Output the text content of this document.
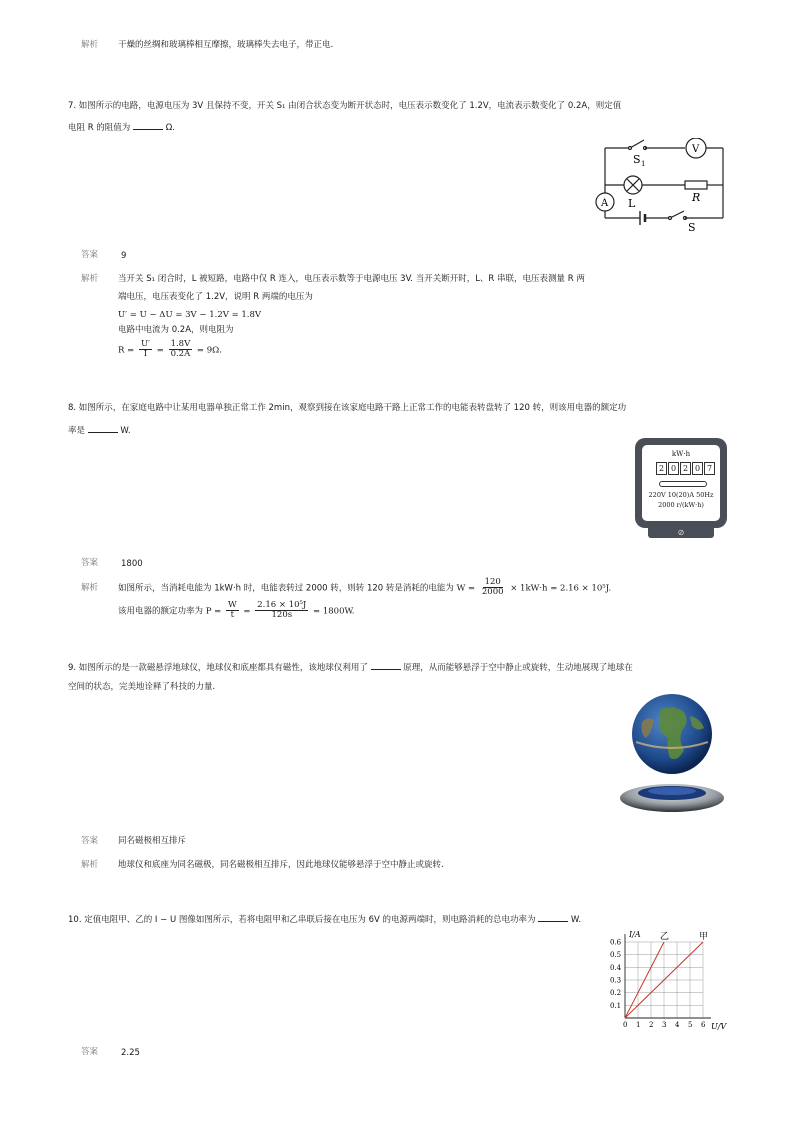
解析 干燥的丝绸和玻璃棒相互摩擦，玻璃棒失去电子，带正电.
7. 如图所示的电路，电源电压为 3V 且保持不变，开关 S₁ 由闭合状态变为断开状态时，电压表示数变化了 1.2V，电流表示数变化了 0.2A，则定值
电阻 R 的阻值为	Ω.
S 1
V
A L	R
S
答案	9
解析 当开关 S₁ 闭合时，L 被短路，电路中仅 R 连入，电压表示数等于电源电压 3V. 当开关断开时，L、R 串联，电压表测量 R 两
端电压，电压表变化了 1.2V，说明 R 两端的电压为
U′ = U − ΔU = 3V − 1.2V = 1.8V
电路中电流为 0.2A，则电阻为
$R = \frac{U'}{I} = \frac{1.8V}{0.2A} = 9\Omega$.
8. 如图所示，在家庭电路中让某用电器单独正常工作 2min，观察到接在该家庭电路干路上正常工作的电能表转盘转了 120 转，则该用电器的额定功
率是	W.
kW·h
2 0 2 0 7
220V 10(20)A 50Hz
2000 r/(kW·h)
⊘
答案	1800
解析 如图所示，当消耗电能为 1kW·h 时，电能表转过 2000 转，则转 120 转是消耗的电能为 $W = \frac{120}{2000} \times 1kW\cdot h = 2.16 \times 10^5J$.
该用电器的额定功率为 $P = \frac{W}{t} = \frac{\text{2.16 × 10⁵J}}{120s} = 1800W$.
9. 如图所示的是一款磁悬浮地球仪，地球仪和底座都具有磁性，该地球仪利用了	原理，从而能够悬浮于空中静止或旋转，生动地展现了地球在
空间的状态，完美地诠释了科技的力量.
答案 同名磁极相互排斥
解析 地球仪和底座为同名磁极，同名磁极相互排斥，因此地球仪能够悬浮于空中静止或旋转.
10. 定值电阻甲、乙的 I − U 图像如图所示，若将电阻甲和乙串联后接在电压为 6V 的电源两端时，则电路消耗的总电功率为	W.
乙	甲
0 1 2 3 4 5 6
0.1
0.2
0.3
0.4
0.5
0.6
I/A
U/V
答案	2.25
